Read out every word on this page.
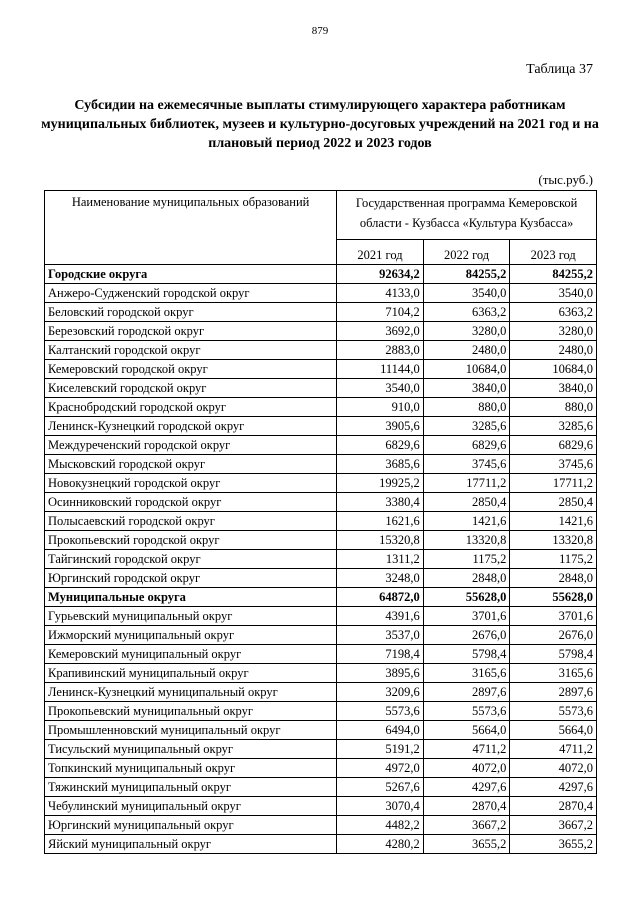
879
Таблица 37
Субсидии на ежемесячные выплаты стимулирующего характера работникам муниципальных библиотек, музеев и культурно-досуговых учреждений на 2021 год и на плановый период 2022 и 2023 годов
(тыс.руб.)
Наименование муниципальных образований	Государственная программа Кемеровской области - Кузбасса «Культура Кузбасса»		
	2021 год	2022 год	2023 год
Городские округа	92634,2	84255,2	84255,2
Анжеро-Судженский городской округ	4133,0	3540,0	3540,0
Беловский городской округ	7104,2	6363,2	6363,2
Березовский городской округ	3692,0	3280,0	3280,0
Калтанский городской округ	2883,0	2480,0	2480,0
Кемеровский городской округ	11144,0	10684,0	10684,0
Киселевский городской округ	3540,0	3840,0	3840,0
Краснобродский городской округ	910,0	880,0	880,0
Ленинск-Кузнецкий городской округ	3905,6	3285,6	3285,6
Междуреченский городской округ	6829,6	6829,6	6829,6
Мысковский городской округ	3685,6	3745,6	3745,6
Новокузнецкий городской округ	19925,2	17711,2	17711,2
Осинниковский городской округ	3380,4	2850,4	2850,4
Полысаевский городской округ	1621,6	1421,6	1421,6
Прокопьевский городской округ	15320,8	13320,8	13320,8
Тайгинский городской округ	1311,2	1175,2	1175,2
Юргинский городской округ	3248,0	2848,0	2848,0
Муниципальные округа	64872,0	55628,0	55628,0
Гурьевский муниципальный округ	4391,6	3701,6	3701,6
Ижморский муниципальный округ	3537,0	2676,0	2676,0
Кемеровский муниципальный округ	7198,4	5798,4	5798,4
Крапивинский муниципальный округ	3895,6	3165,6	3165,6
Ленинск-Кузнецкий муниципальный округ	3209,6	2897,6	2897,6
Прокопьевский муниципальный округ	5573,6	5573,6	5573,6
Промышленновский муниципальный округ	6494,0	5664,0	5664,0
Тисульский муниципальный округ	5191,2	4711,2	4711,2
Топкинский муниципальный округ	4972,0	4072,0	4072,0
Тяжинский муниципальный округ	5267,6	4297,6	4297,6
Чебулинский муниципальный округ	3070,4	2870,4	2870,4
Юргинский муниципальный округ	4482,2	3667,2	3667,2
Яйский муниципальный округ	4280,2	3655,2	3655,2
